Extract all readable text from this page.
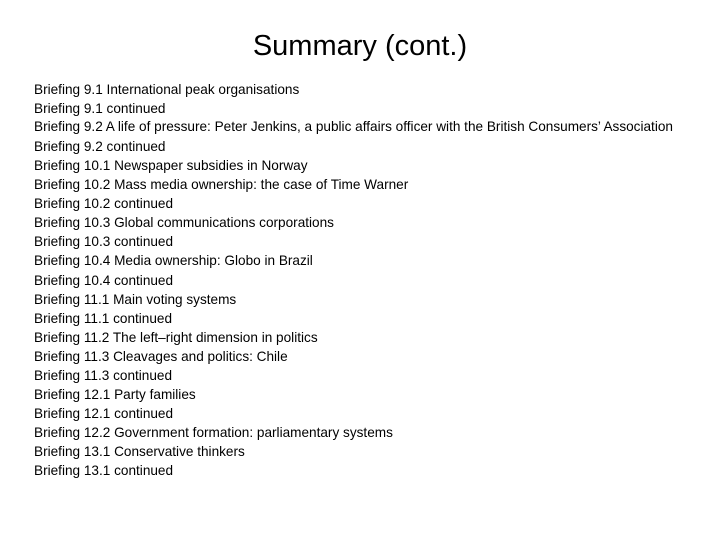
Summary (cont.)
Briefing 9.1 International peak organisations
Briefing 9.1 continued
Briefing 9.2 A life of pressure: Peter Jenkins, a public affairs officer with the British Consumers’ Association
Briefing 9.2 continued
Briefing 10.1 Newspaper subsidies in Norway
Briefing 10.2 Mass media ownership: the case of Time Warner
Briefing 10.2 continued
Briefing 10.3 Global communications corporations
Briefing 10.3 continued
Briefing 10.4 Media ownership: Globo in Brazil
Briefing 10.4 continued
Briefing 11.1 Main voting systems
Briefing 11.1 continued
Briefing 11.2 The left–right dimension in politics
Briefing 11.3 Cleavages and politics: Chile
Briefing 11.3 continued
Briefing 12.1 Party families
Briefing 12.1 continued
Briefing 12.2 Government formation: parliamentary systems
Briefing 13.1 Conservative thinkers
Briefing 13.1 continued
